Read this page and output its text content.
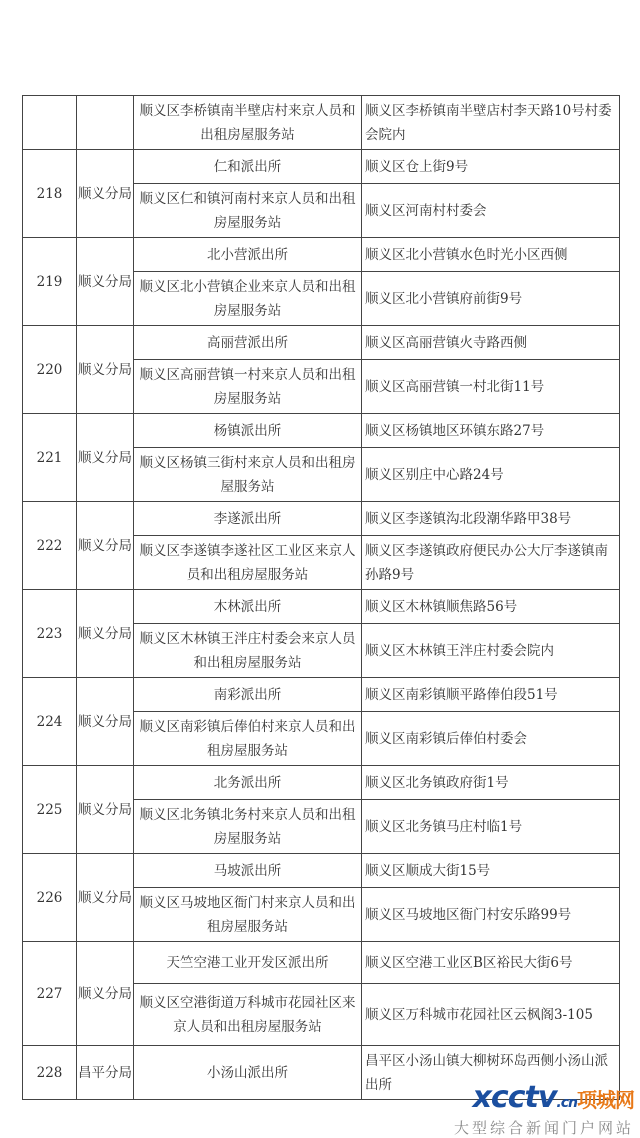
		顺义区李桥镇南半壁店村来京人员和出租房屋服务站	顺义区李桥镇南半壁店村李天路10号村委会院内
218	顺义分局	仁和派出所	顺义区仓上街9号
		顺义区仁和镇河南村来京人员和出租房屋服务站	顺义区河南村村委会
219	顺义分局	北小营派出所	顺义区北小营镇水色时光小区西侧
		顺义区北小营镇企业来京人员和出租房屋服务站	顺义区北小营镇府前街9号
220	顺义分局	高丽营派出所	顺义区高丽营镇火寺路西侧
		顺义区高丽营镇一村来京人员和出租房屋服务站	顺义区高丽营镇一村北街11号
221	顺义分局	杨镇派出所	顺义区杨镇地区环镇东路27号
		顺义区杨镇三街村来京人员和出租房屋服务站	顺义区别庄中心路24号
222	顺义分局	李遂派出所	顺义区李遂镇沟北段潮华路甲38号
		顺义区李遂镇李遂社区工业区来京人员和出租房屋服务站	顺义区李遂镇政府便民办公大厅李遂镇南孙路9号
223	顺义分局	木林派出所	顺义区木林镇顺焦路56号
		顺义区木林镇王泮庄村委会来京人员和出租房屋服务站	顺义区木林镇王泮庄村委会院内
224	顺义分局	南彩派出所	顺义区南彩镇顺平路俸伯段51号
		顺义区南彩镇后俸伯村来京人员和出租房屋服务站	顺义区南彩镇后俸伯村委会
225	顺义分局	北务派出所	顺义区北务镇政府街1号
		顺义区北务镇北务村来京人员和出租房屋服务站	顺义区北务镇马庄村临1号
226	顺义分局	马坡派出所	顺义区顺成大街15号
		顺义区马坡地区衙门村来京人员和出租房屋服务站	顺义区马坡地区衙门村安乐路99号
227	顺义分局	天竺空港工业开发区派出所	顺义区空港工业区B区裕民大街6号
		顺义区空港街道万科城市花园社区来京人员和出租房屋服务站	顺义区万科城市花园社区云枫阁3-105
228	昌平分局	小汤山派出所	昌平区小汤山镇大柳树环岛西侧小汤山派出所	xcctv.cn项城网
大型综合新闻门户网站
